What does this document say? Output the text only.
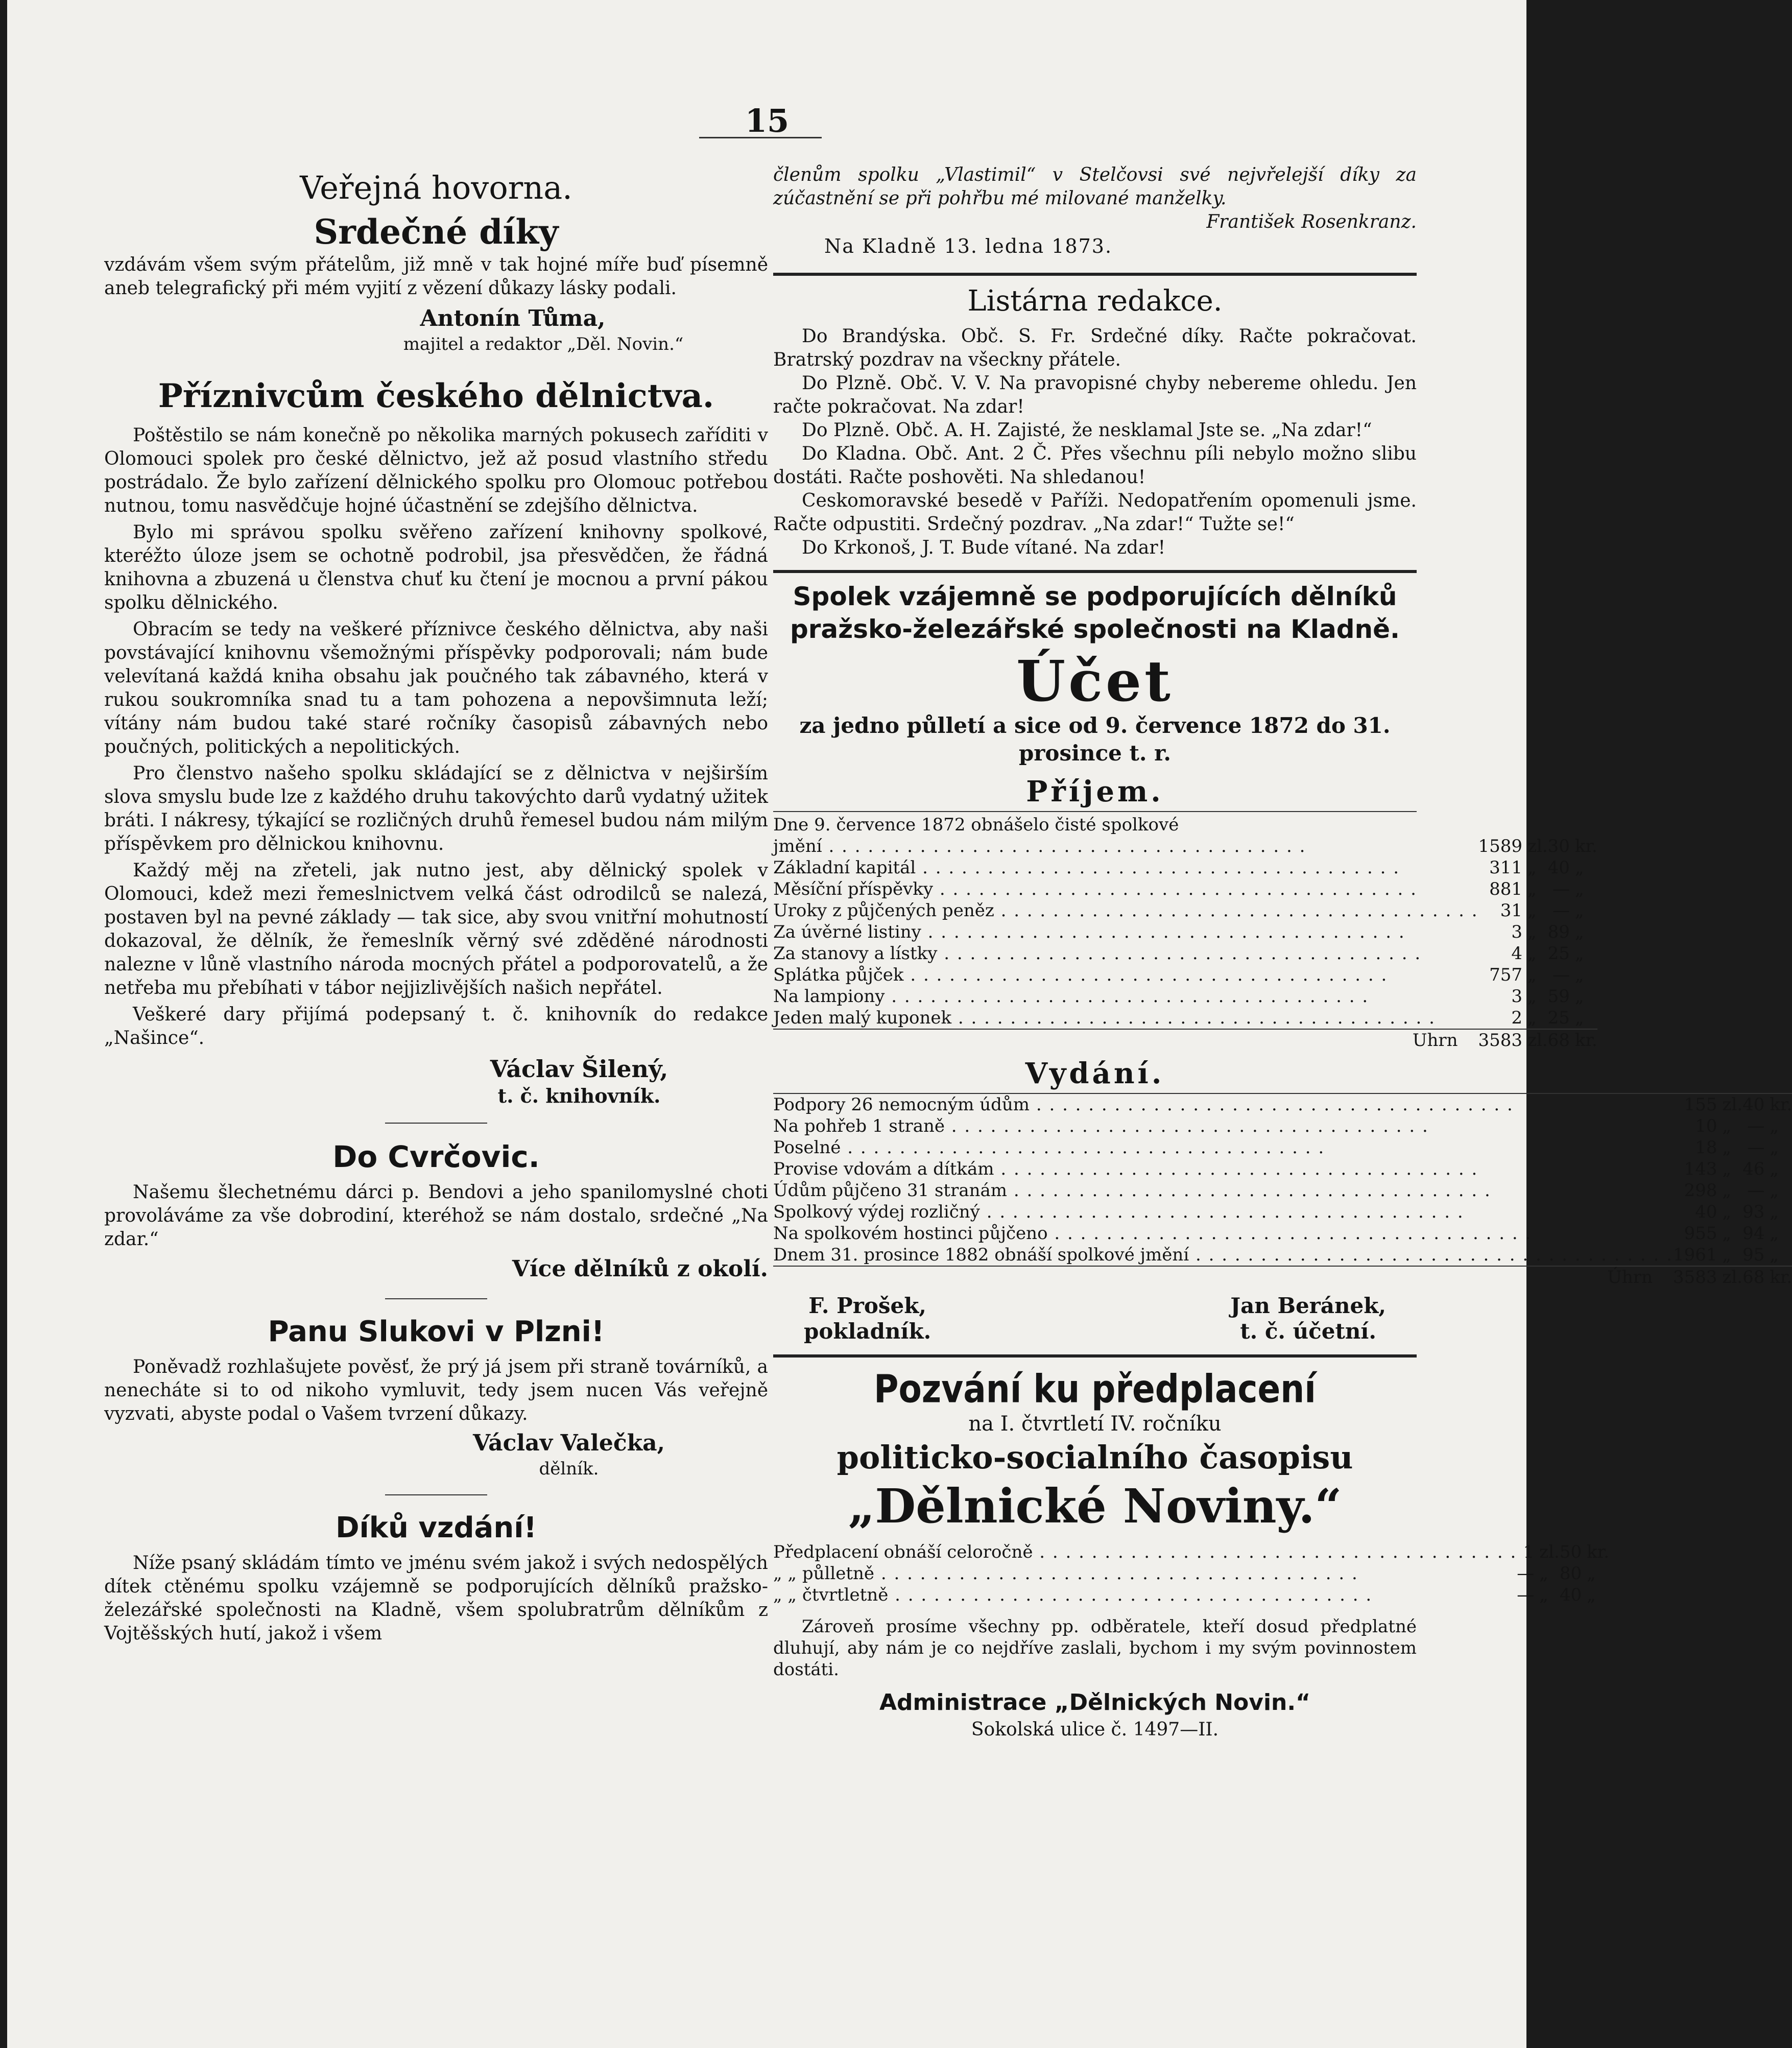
15
Veřejná hovorna.
Srdečné díky

vzdávám všem svým přátelům, již mně v tak hojné míře buď písemně aneb telegrafický při mém vyjití z vězení důkazy lásky podali.

Antonín Tůma,
majitel a redaktor „Děl. Novin.“
Příznivcům českého dělnictva.

Poštěstilo se nám konečně po několika marných pokusech zaříditi v Olomouci spolek pro české dělnictvo, jež až posud vlastního středu postrádalo. Že bylo zařízení dělnického spolku pro Olomouc potřebou nutnou, tomu nasvědčuje hojné účastnění se zdejšího dělnictva.

Bylo mi správou spolku svěřeno zařízení knihovny spolkové, kteréžto úloze jsem se ochotně podrobil, jsa přesvědčen, že řádná knihovna a zbuzená u členstva chuť ku čtení je mocnou a první pákou spolku dělnického.

Obracím se tedy na veškeré příznivce českého dělnictva, aby naši povstávající knihovnu všemožnými příspěvky podporovali; nám bude velevítaná každá kniha obsahu jak poučného tak zábavného, která v rukou soukromníka snad tu a tam pohozena a nepovšimnuta leží; vítány nám budou také staré ročníky časopisů zábavných nebo poučných, politických a nepolitických.

Pro členstvo našeho spolku skládající se z dělnictva v nejširším slova smyslu bude lze z každého druhu takovýchto darů vydatný užitek bráti. I nákresy, týkající se rozličných druhů řemesel budou nám milým příspěvkem pro dělnickou knihovnu.

Každý měj na zřeteli, jak nutno jest, aby dělnický spolek v Olomouci, kdež mezi řemeslnictvem velká část odrodilců se nalezá, postaven byl na pevné základy — tak sice, aby svou vnitřní mohutností dokazoval, že dělník, že řemeslník věrný své zděděné národnosti nalezne v lůně vlastního národa mocných přátel a podporovatelů, a že netřeba mu přebíhati v tábor nejjizlivějších našich nepřátel.

Veškeré dary přijímá podepsaný t. č. knihovník do redakce „Našince“.

Václav Šilený,
t. č. knihovník.
Do Cvrčovic.

Našemu šlechetnému dárci p. Bendovi a jeho spanilomyslné choti provoláváme za vše dobrodiní, kteréhož se nám dostalo, srdečné „Na zdar.“

Více dělníků z okolí.
Panu Slukovi v Plzni!

Poněvadž rozhlašujete pověsť, že prý já jsem při straně továrníků, a nenecháte si to od nikoho vymluvit, tedy jsem nucen Vás veřejně vyzvati, abyste podal o Vašem tvrzení důkazy.

Václav Valečka,
dělník.
Díků vzdání!

Níže psaný skládám tímto ve jménu svém jakož i svých nedospělých dítek ctěnému spolku vzájemně se podporujících dělníků pražsko-železářské společnosti na Kladně, všem spolubratrům dělníkům z Vojtěšských hutí, jakož i všem

členům spolku „Vlastimil“ v Stelčovsi své nejvřelejší díky za zúčastnění se při pohřbu mé milované manželky.

František Rosenkranz.
Na Kladně 13. ledna 1873.
Listárna redakce.

Do Brandýska. Obč. S. Fr. Srdečné díky. Račte pokračovat. Bratrský pozdrav na všeckny přátele.

Do Plzně. Obč. V. V. Na pravopisné chyby nebereme ohledu. Jen račte pokračovat. Na zdar!

Do Plzně. Obč. A. H. Zajisté, že nesklamal Jste se. „Na zdar!“

Do Kladna. Obč. Ant. 2 Č. Přes všechnu píli nebylo možno slibu dostáti. Račte poshověti. Na shledanou!

Ceskomoravské besedě v Paříži. Nedopatřením opomenuli jsme. Račte odpustiti. Srdečný pozdrav. „Na zdar!“ Tužte se!“

Do Krkonoš, J. T. Bude vítané. Na zdar!

Spolek vzájemně se podporujících dělníků pražsko-železářské společnosti na Kladně.
Účet
za jedno půlletí a sice od 9. července 1872 do 31. prosince t. r.
Příjem.
Dne 9. července 1872 obnášelo čisté spolkové
jmění . . .	1589	zl.	30	kr.
Základní kapitál . . .	311	„	40	„
Měsíční příspěvky . . .	881	„	—	„
Uroky z půjčených peněz . . .	31	„	—	„
Za úvěrné listiny . . .	3	„	89	„
Za stanovy a lístky . . .	4	„	25	„
Splátka půjček . . .	757	„	—	„
Na lampiony . . .	3	„	59	„
Jeden malý kuponek . . .	2	„	25	„
Uhrn	3583	zl.	68	kr.
Vydání.
Podpory 26 nemocným údům . . .	155	zl.	40	kr.
Na pohřeb 1 straně . . .	10	„	—	„
Poselné . . .	18	„	—	„
Provise vdovám a dítkám . . .	143	„	46	„
Údům půjčeno 31 stranám . . .	298	„	—	„
Spolkový výdej rozličný . . .	40	„	93	„
Na spolkovém hostinci půjčeno . . .	955	„	94	„
Dnem 31. prosince 1882 obnáší spolkové jmění . . .	1961	„	95	„
Úhrn	3583	zl.	68	kr.
F. Prošek,
pokladník.
Jan Beránek,
t. č. účetní.
Pozvání ku předplacení
na I. čtvrtletí IV. ročníku
politicko-socialního časopisu
„Dělnické Noviny.“
Předplacení obnáší celoročně . . .	1	zl.	50	kr.
„ „ půlletně . . .	—	„	80	„
„ „ čtvrtletně . . .	—	„	40	„

Zároveň prosíme všechny pp. odběratele, kteří dosud předplatné dluhují, aby nám je co nejdříve zaslali, bychom i my svým povinnostem dostáti.

Administrace „Dělnických Novin.“
Sokolská ulice č. 1497—II.
